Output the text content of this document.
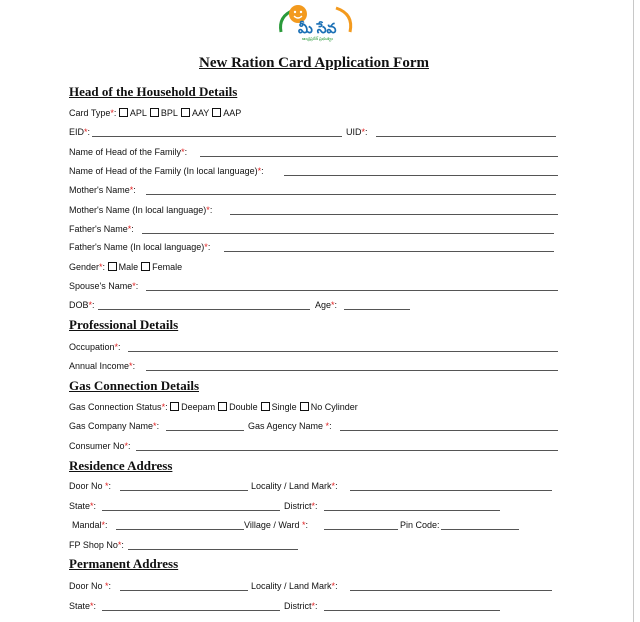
మీ సేవ
ఆంధ్రప్రదేశ్ ప్రభుత్వం
New Ration Card Application Form
Head of the Household Details
Professional Details
Gas Connection Details
Residence Address
Permanent Address
Card Type*: APL BPL AAY AAP
EID*:	UID*:
Name of Head of the Family*:
Name of Head of the Family (In local language)*:
Mother's Name*:
Mother's Name (In local language)*:
Father's Name*:
Father's Name (In local language)*:
Gender*: Male Female
Spouse's Name*:
DOB*:	Age*:
Occupation*:
Annual Income*:
Gas Connection Status*: Deepam Double Single No Cylinder
Gas Company Name*:	Gas Agency Name *:
Consumer No*:
Door No *:	Locality / Land Mark*:
State*:	District*:
Mandal*:	Village / Ward *:	Pin Code:
FP Shop No*:
Door No *:	Locality / Land Mark*:
State*:	District*:
